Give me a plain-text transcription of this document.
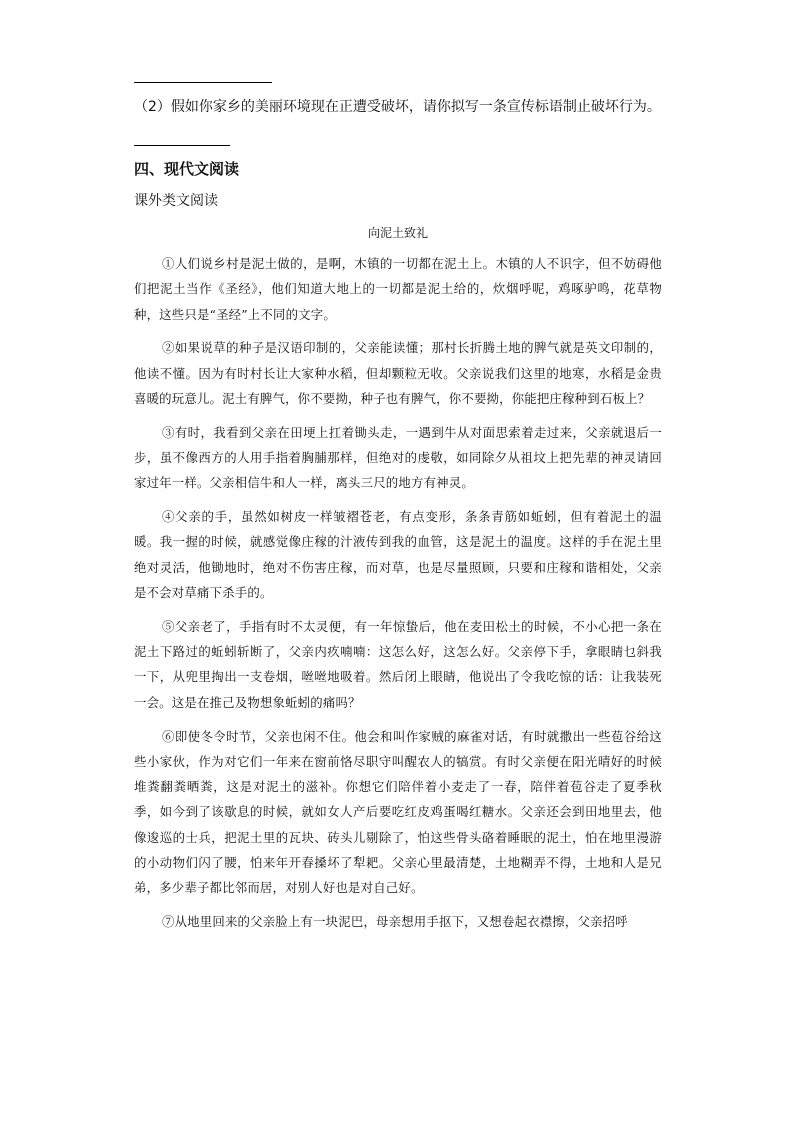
（2）假如你家乡的美丽环境现在正遭受破坏，请你拟写一条宣传标语制止破坏行为。
四、现代文阅读
课外类文阅读
向泥土致礼

①人们说乡村是泥土做的，是啊，木镇的一切都在泥土上。木镇的人不识字，但不妨碍他们把泥土当作《圣经》，他们知道大地上的一切都是泥土给的，炊烟呼呢，鸡啄驴鸣，花草物种，这些只是“圣经”上不同的文字。

②如果说草的种子是汉语印制的，父亲能读懂；那村长折腾土地的脾气就是英文印制的，他读不懂。因为有时村长让大家种水稻，但却颗粒无收。父亲说我们这里的地寒，水稻是金贵喜暖的玩意儿。泥土有脾气，你不要拗，种子也有脾气，你不要拗，你能把庄稼种到石板上？

③有时，我看到父亲在田埂上扛着锄头走，一遇到牛从对面思索着走过来，父亲就退后一步，虽不像西方的人用手指着胸脯那样，但绝对的虔敬，如同除夕从祖坟上把先辈的神灵请回家过年一样。父亲相信牛和人一样，离头三尺的地方有神灵。

④父亲的手，虽然如树皮一样皱褶苍老，有点变形，条条青筋如蚯蚓，但有着泥土的温暖。我一握的时候，就感觉像庄稼的汁液传到我的血管，这是泥土的温度。这样的手在泥土里绝对灵活，他锄地时，绝对不伤害庄稼，而对草，也是尽量照顾，只要和庄稼和谐相处，父亲是不会对草痛下杀手的。

⑤父亲老了，手指有时不太灵便，有一年惊蛰后，他在麦田松土的时候，不小心把一条在泥土下路过的蚯蚓斩断了，父亲内疚喃喃：这怎么好，这怎么好。父亲停下手，拿眼睛乜斜我一下，从兜里掏出一支卷烟，咝咝地吸着。然后闭上眼睛，他说出了令我吃惊的话：让我装死一会。这是在推己及物想象蚯蚓的痛吗？

⑥即使冬令时节，父亲也闲不住。他会和叫作家贼的麻雀对话，有时就撒出一些苞谷给这些小家伙，作为对它们一年来在窗前恪尽职守叫醒农人的犒赏。有时父亲便在阳光晴好的时候堆粪翻粪晒粪，这是对泥土的滋补。你想它们陪伴着小麦走了一春，陪伴着苞谷走了夏季秋季，如今到了该歇息的时候，就如女人产后要吃红皮鸡蛋喝红糖水。父亲还会到田地里去，他像逡巡的士兵，把泥土里的瓦块、砖头儿剔除了，怕这些骨头硌着睡眠的泥土，怕在地里漫游的小动物们闪了腰，怕来年开春搡坏了犁耙。父亲心里最清楚，土地糊弄不得，土地和人是兄弟，多少辈子都比邻而居，对别人好也是对自己好。

⑦从地里回来的父亲脸上有一块泥巴，母亲想用手抠下，又想卷起衣襟擦，父亲招呼
